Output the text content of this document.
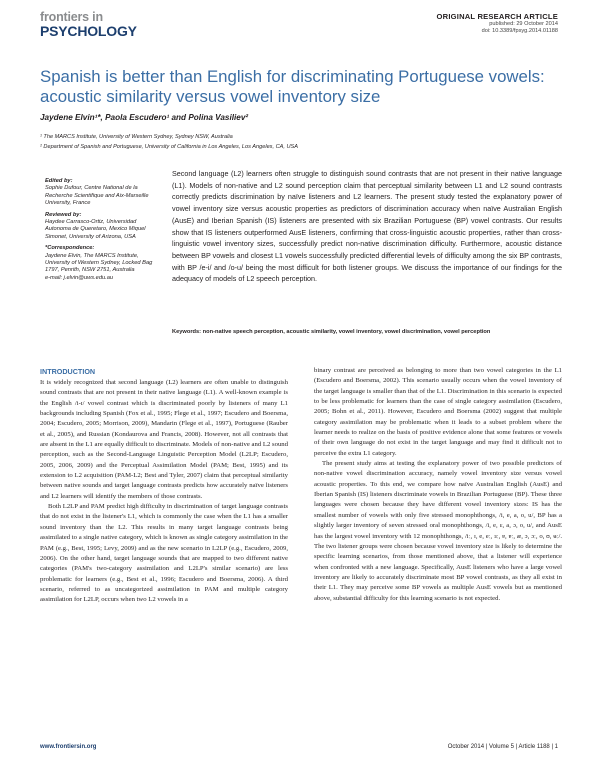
frontiers in
PSYCHOLOGY
ORIGINAL RESEARCH ARTICLE
published: 29 October 2014
doi: 10.3389/fpsyg.2014.01188
Spanish is better than English for discriminating Portuguese vowels: acoustic similarity versus vowel inventory size

Jaydene Elvin¹*, Paola Escudero¹ and Polina Vasiliev²

¹ The MARCS Institute, University of Western Sydney, Sydney NSW, Australia
² Department of Spanish and Portuguese, University of California in Los Angeles, Los Angeles, CA, USA
Edited by:
Sophie Dufour, Centre National de la Recherche Scientifique and Aix-Marseille University, France
Reviewed by:
Haydee Carrasco-Ortiz, Universidad Autonoma de Queretaro, Mexico Miquel Simonet, University of Arizona, USA
*Correspondence:
Jaydene Elvin, The MARCS Institute, University of Western Sydney, Locked Bag 1797, Penrith, NSW 2751, Australia
e-mail: j.elvin@uws.edu.au

Second language (L2) learners often struggle to distinguish sound contrasts that are not present in their native language (L1). Models of non-native and L2 sound perception claim that perceptual similarity between L1 and L2 sound contrasts correctly predicts discrimination by naïve listeners and L2 learners. The present study tested the explanatory power of vowel inventory size versus acoustic properties as predictors of discrimination accuracy when naïve Australian English (AusE) and Iberian Spanish (IS) listeners are presented with six Brazilian Portuguese (BP) vowel contrasts. Our results show that IS listeners outperformed AusE listeners, confirming that cross-linguistic acoustic properties, rather than cross-linguistic vowel inventory sizes, successfully predict non-native discrimination difficulty. Furthermore, acoustic distance between BP vowels and closest L1 vowels successfully predicted differential levels of difficulty among the six BP contrasts, with BP /e-i/ and /o-u/ being the most difficult for both listener groups. We discuss the importance of our findings for the adequacy of models of L2 speech perception.

Keywords: non-native speech perception, acoustic similarity, vowel inventory, vowel discrimination, vowel perception
INTRODUCTION

It is widely recognized that second language (L2) learners are often unable to distinguish sound contrasts that are not present in their native language (L1). A well-known example is the English /i-ɪ/ vowel contrast which is discriminated poorly by listeners of many L1 backgrounds including Spanish (Fox et al., 1995; Flege et al., 1997; Escudero and Boersma, 2004; Escudero, 2005; Morrison, 2009), Mandarin (Flege et al., 1997), Portuguese (Rauber et al., 2005), and Russian (Kondaurova and Francis, 2008). However, not all contrasts that are absent in the L1 are equally difficult to discriminate. Models of non-native and L2 sound perception, such as the Second-Language Linguistic Perception Model (L2LP; Escudero, 2005, 2006, 2009) and the Perceptual Assimilation Model (PAM; Best, 1995) and its extension to L2 acquisition (PAM-L2; Best and Tyler, 2007) claim that perceptual similarity between native sounds and target language contrasts predicts how accurately naïve listeners and L2 learners will identify the members of those contrasts.

Both L2LP and PAM predict high difficulty in discrimination of target language contrasts that do not exist in the listener's L1, which is commonly the case when the L1 has a smaller sound inventory than the L2. This results in many target language contrasts being assimilated to a single native category, which is known as single category assimilation in the PAM (e.g., Best, 1995; Levy, 2009) and as the new scenario in L2LP (e.g., Escudero, 2009, 2006). On the other hand, target language sounds that are mapped to two different native categories (PAM's two-category assimilation and L2LP's similar scenario) are less problematic for learners (e.g., Best et al., 1996; Escudero and Boersma, 2006). A third scenario, referred to as uncategorized assimilation in PAM and multiple category assimilation for L2LP, occurs when two L2 vowels in a

binary contrast are perceived as belonging to more than two vowel categories in the L1 (Escudero and Boersma, 2002). This scenario usually occurs when the vowel inventory of the target language is smaller than that of the L1. Discrimination in this scenario is expected to be less problematic for learners than the case of single category assimilation (Escudero, 2005; Bohn et al., 2011). However, Escudero and Boersma (2002) suggest that multiple category assimilation may be problematic when it leads to a subset problem where the learner needs to realize on the basis of positive evidence alone that some features or vowels of their own language do not exist in the target language and may find it difficult not to perceive the extra L1 category.

The present study aims at testing the explanatory power of two possible predictors of non-native vowel discrimination accuracy, namely vowel inventory size versus vowel acoustic properties. To this end, we compare how naïve Australian English (AusE) and Iberian Spanish (IS) listeners discriminate vowels in Brazilian Portuguese (BP). These three languages were chosen because they have different vowel inventory sizes: IS has the smallest number of vowels with only five stressed monophthongs, /i, e, a, o, u/, BP has a slightly larger inventory of seven stressed oral monophthongs, /i, e, ɛ, a, ɔ, o, u/, and AusE has the largest vowel inventory with 12 monophthongs, /iː, ɪ, e, eː, ɜː, ɐ, ɐː, æ, ɔ, ɔː, o, ʊ, ʉː/. The two listener groups were chosen because vowel inventory size is likely to determine the specific learning scenarios, from those mentioned above, that a listener will experience when confronted with a new language. Specifically, AusE listeners who have a large vowel inventory are likely to accurately discriminate most BP vowel contrasts, as they all exist in their L1. They may perceive some BP vowels as multiple AusE vowels but as mentioned above, substantial difficulty for this learning scenario is not expected.

www.frontiersin.org	October 2014 | Volume 5 | Article 1188 | 1
